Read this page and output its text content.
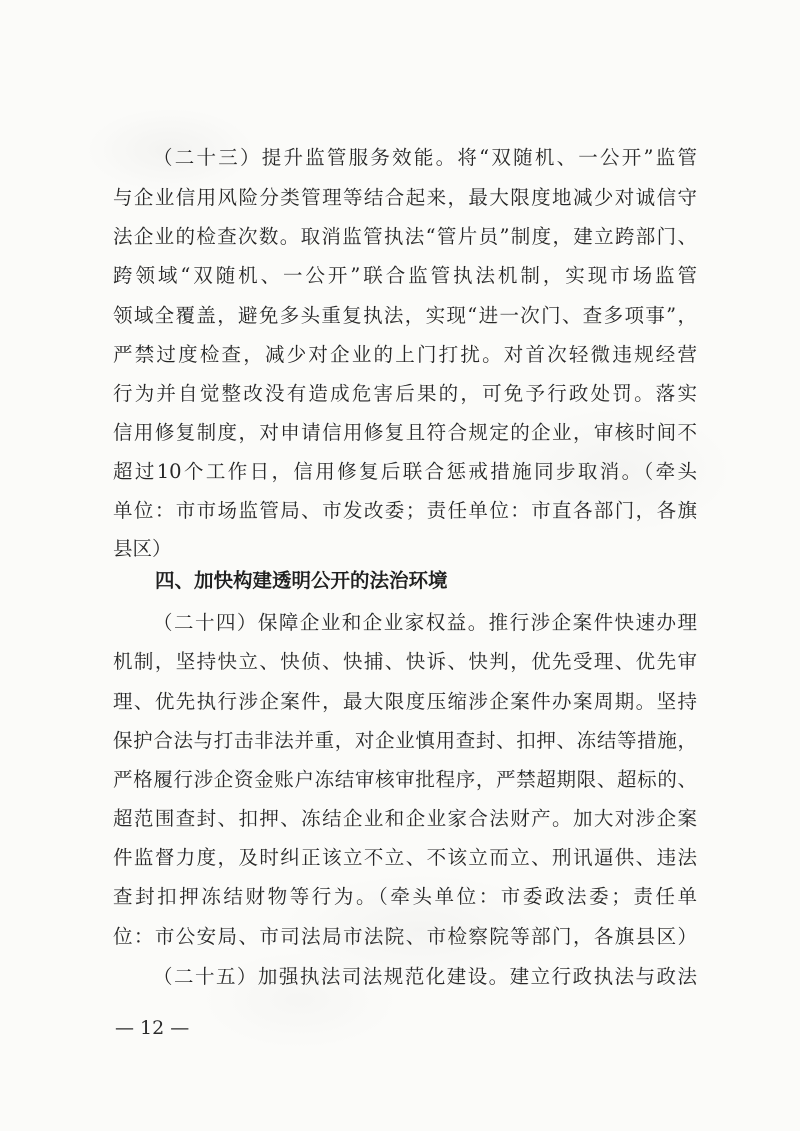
（二十三）提升监管服务效能。将“双随机、一公开”监管
与企业信用风险分类管理等结合起来，最大限度地减少对诚信守
法企业的检查次数。取消监管执法“管片员”制度，建立跨部门、
跨领域“双随机、一公开”联合监管执法机制，实现市场监管
领域全覆盖，避免多头重复执法，实现“进一次门、查多项事”，
严禁过度检查，减少对企业的上门打扰。对首次轻微违规经营
行为并自觉整改没有造成危害后果的，可免予行政处罚。落实
信用修复制度，对申请信用修复且符合规定的企业，审核时间不
超过10个工作日，信用修复后联合惩戒措施同步取消。（牵头
单位：市市场监管局、市发改委；责任单位：市直各部门，各旗
县区）
四、加快构建透明公开的法治环境
（二十四）保障企业和企业家权益。推行涉企案件快速办理
机制，坚持快立、快侦、快捕、快诉、快判，优先受理、优先审
理、优先执行涉企案件，最大限度压缩涉企案件办案周期。坚持
保护合法与打击非法并重，对企业慎用查封、扣押、冻结等措施，
严格履行涉企资金账户冻结审核审批程序，严禁超期限、超标的、
超范围查封、扣押、冻结企业和企业家合法财产。加大对涉企案
件监督力度，及时纠正该立不立、不该立而立、刑讯逼供、违法
查封扣押冻结财物等行为。（牵头单位：市委政法委；责任单
位：市公安局、市司法局市法院、市检察院等部门，各旗县区）
（二十五）加强执法司法规范化建设。建立行政执法与政法
— 12 —
